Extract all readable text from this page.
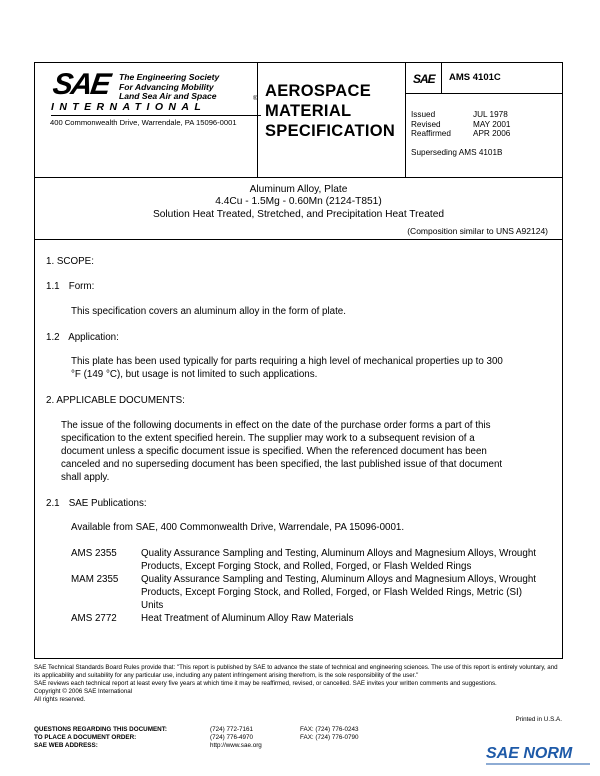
SAE The Engineering Society
For Advancing Mobility
Land Sea Air and Space	®
INTERNATIONAL
400 Commonwealth Drive, Warrendale, PA 15096-0001
AEROSPACE
MATERIAL
SPECIFICATION
SAE AMS 4101C
Issued	JUL 1978
Revised	MAY 2001
Reaffirmed	APR 2006
Superseding AMS 4101B
Aluminum Alloy, Plate
4.4Cu - 1.5Mg - 0.60Mn (2124-T851)
Solution Heat Treated, Stretched, and Precipitation Heat Treated
(Composition similar to UNS A92124)
1. SCOPE:
1.1 Form:
This specification covers an aluminum alloy in the form of plate.
1.2 Application:
This plate has been used typically for parts requiring a high level of mechanical properties up to 300
°F (149 °C), but usage is not limited to such applications.
2. APPLICABLE DOCUMENTS:
The issue of the following documents in effect on the date of the purchase order forms a part of this
specification to the extent specified herein. The supplier may work to a subsequent revision of a
document unless a specific document issue is specified. When the referenced document has been
canceled and no superseding document has been specified, the last published issue of that document
shall apply.
2.1 SAE Publications:
Available from SAE, 400 Commonwealth Drive, Warrendale, PA 15096-0001.
AMS 2355 Quality Assurance Sampling and Testing, Aluminum Alloys and Magnesium Alloys, Wrought Products, Except Forging Stock, and Rolled, Forged, or Flash Welded Rings
MAM 2355 Quality Assurance Sampling and Testing, Aluminum Alloys and Magnesium Alloys, Wrought Products, Except Forging Stock, and Rolled, Forged, or Flash Welded Rings, Metric (SI) Units
AMS 2772 Heat Treatment of Aluminum Alloy Raw Materials
SAE Technical Standards Board Rules provide that: "This report is published by SAE to advance the state of technical and engineering sciences. The use of this report is entirely voluntary, and its applicability and suitability for any particular use, including any patent infringement arising therefrom, is the sole responsibility of the user."
SAE reviews each technical report at least every five years at which time it may be reaffirmed, revised, or cancelled. SAE invites your written comments and suggestions.
Copyright © 2006 SAE International
All rights reserved.
Printed in U.S.A.
QUESTIONS REGARDING THIS DOCUMENT:	(724) 772-7161	FAX: (724) 776-0243
TO PLACE A DOCUMENT ORDER:	(724) 776-4970	FAX: (724) 776-0790
SAE WEB ADDRESS:	http://www.sae.org		SAE NORM
